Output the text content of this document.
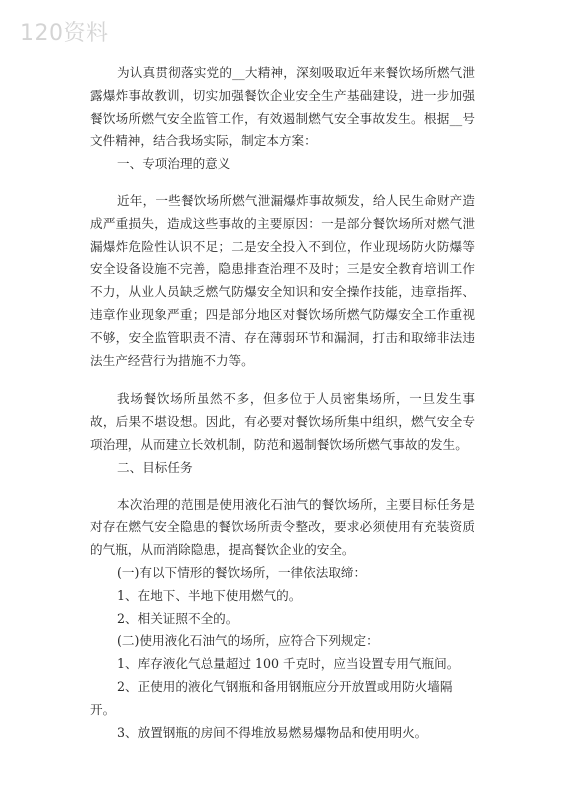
120资料

为认真贯彻落实党的__大精神，深刻吸取近年来餐饮场所燃气泄露爆炸事故教训，切实加强餐饮企业安全生产基础建设，进一步加强餐饮场所燃气安全监管工作，有效遏制燃气安全事故发生。根据__号文件精神，结合我场实际，制定本方案：

一、专项治理的意义

近年，一些餐饮场所燃气泄漏爆炸事故频发，给人民生命财产造成严重损失，造成这些事故的主要原因：一是部分餐饮场所对燃气泄漏爆炸危险性认识不足；二是安全投入不到位，作业现场防火防爆等安全设备设施不完善，隐患排查治理不及时；三是安全教育培训工作不力，从业人员缺乏燃气防爆安全知识和安全操作技能，违章指挥、违章作业现象严重；四是部分地区对餐饮场所燃气防爆安全工作重视不够，安全监管职责不清、存在薄弱环节和漏洞，打击和取缔非法违法生产经营行为措施不力等。

我场餐饮场所虽然不多，但多位于人员密集场所，一旦发生事故，后果不堪设想。因此，有必要对餐饮场所集中组织，燃气安全专项治理，从而建立长效机制，防范和遏制餐饮场所燃气事故的发生。

二、目标任务

本次治理的范围是使用液化石油气的餐饮场所，主要目标任务是对存在燃气安全隐患的餐饮场所责令整改，要求必须使用有充装资质的气瓶，从而消除隐患，提高餐饮企业的安全。

(一)有以下情形的餐饮场所，一律依法取缔：

1、在地下、半地下使用燃气的。

2、相关证照不全的。

(二)使用液化石油气的场所，应符合下列规定：

1、库存液化气总量超过 100 千克时，应当设置专用气瓶间。

2、正使用的液化气钢瓶和备用钢瓶应分开放置或用防火墙隔开。

3、放置钢瓶的房间不得堆放易燃易爆物品和使用明火。
